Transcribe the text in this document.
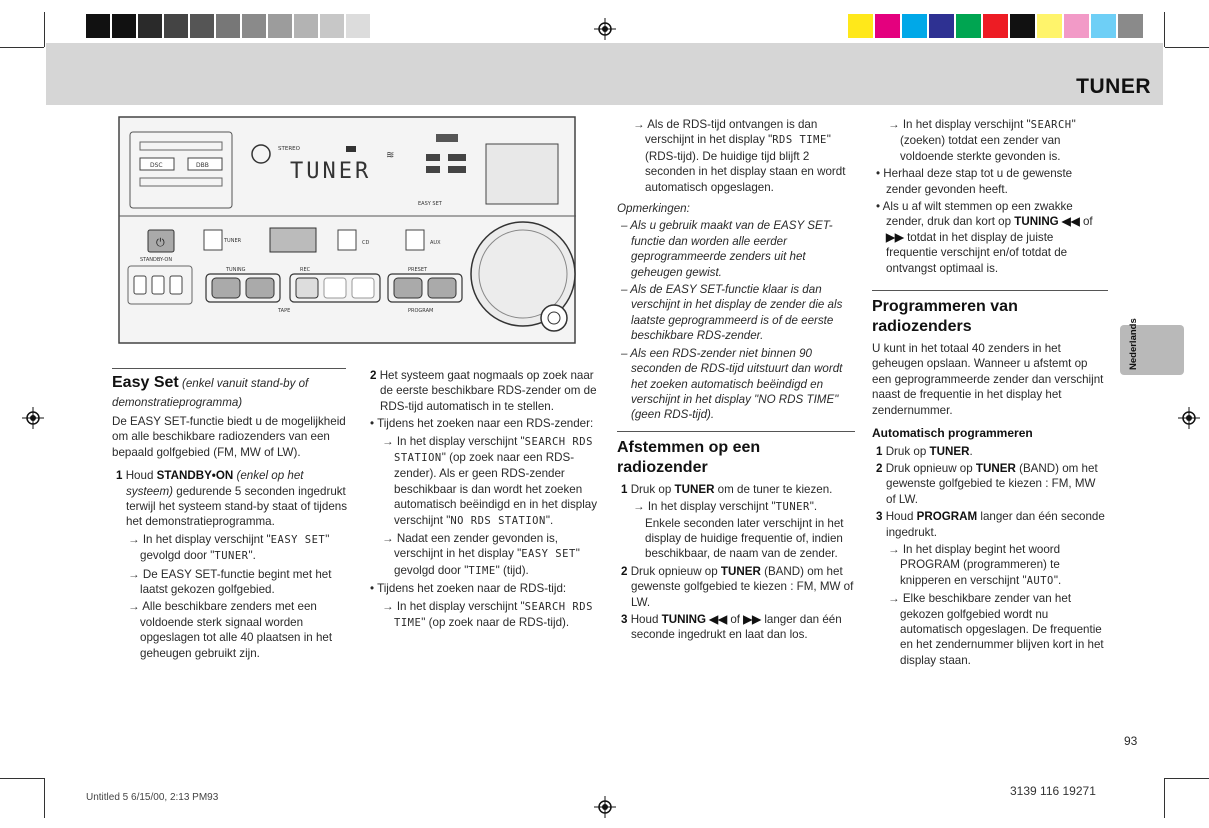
TUNER
Nederlands
DSC	DBB
STEREO
TUNER
≋
EASY SET
⏻
STANDBY-ON
TUNER	CD	AUX
TUNING	REC	PRESET
TAPE	PROGRAM

Easy Set (enkel vanuit stand-by of demonstratieprogramma)

De EASY SET-functie biedt u de mogelijkheid om alle beschikbare radiozenders van een bepaald golfgebied (FM, MW of LW).

1 Houd STANDBY•ON (enkel op het systeem) gedurende 5 seconden ingedrukt terwijl het systeem stand-by staat of tijdens het demonstratieprogramma.

→ In het display verschijnt "EASY SET" gevolgd door "TUNER".

→ De EASY SET-functie begint met het laatst gekozen golfgebied.

→ Alle beschikbare zenders met een voldoende sterk signaal worden opgeslagen tot alle 40 plaatsen in het geheugen gebruikt zijn.

2 Het systeem gaat nogmaals op zoek naar de eerste beschikbare RDS-zender om de RDS-tijd automatisch in te stellen.

• Tijdens het zoeken naar een RDS-zender:

→ In het display verschijnt "SEARCH RDS STATION" (op zoek naar een RDS-zender). Als er geen RDS-zender beschikbaar is dan wordt het zoeken automatisch beëindigd en in het display verschijnt "NO RDS STATION".

→ Nadat een zender gevonden is, verschijnt in het display "EASY SET" gevolgd door "TIME" (tijd).

• Tijdens het zoeken naar de RDS-tijd:

→ In het display verschijnt "SEARCH RDS TIME" (op zoek naar de RDS-tijd).

→ Als de RDS-tijd ontvangen is dan verschijnt in het display "RDS TIME" (RDS-tijd). De huidige tijd blijft 2 seconden in het display staan en wordt automatisch opgeslagen.

Opmerkingen:

– Als u gebruik maakt van de EASY SET-functie dan worden alle eerder geprogrammeerde zenders uit het geheugen gewist.

– Als de EASY SET-functie klaar is dan verschijnt in het display de zender die als laatste geprogrammeerd is of de eerste beschikbare RDS-zender.

– Als een RDS-zender niet binnen 90 seconden de RDS-tijd uitstuurt dan wordt het zoeken automatisch beëindigd en verschijnt in het display "NO RDS TIME" (geen RDS-tijd).

Afstemmen op een radiozender

1 Druk op TUNER om de tuner te kiezen.

→ In het display verschijnt "TUNER". Enkele seconden later verschijnt in het display de huidige frequentie of, indien beschikbaar, de naam van de zender.

2 Druk opnieuw op TUNER (BAND) om het gewenste golfgebied te kiezen : FM, MW of LW.

3 Houd TUNING ◀◀ of ▶▶ langer dan één seconde ingedrukt en laat dan los.

→ In het display verschijnt "SEARCH" (zoeken) totdat een zender van voldoende sterkte gevonden is.

• Herhaal deze stap tot u de gewenste zender gevonden heeft.

• Als u af wilt stemmen op een zwakke zender, druk dan kort op TUNING ◀◀ of ▶▶ totdat in het display de juiste frequentie verschijnt en/of totdat de ontvangst optimaal is.

Programmeren van radiozenders

U kunt in het totaal 40 zenders in het geheugen opslaan. Wanneer u afstemt op een geprogrammeerde zender dan verschijnt naast de frequentie in het display het zendernummer.

Automatisch programmeren

1 Druk op TUNER.

2 Druk opnieuw op TUNER (BAND) om het gewenste golfgebied te kiezen : FM, MW of LW.

3 Houd PROGRAM langer dan één seconde ingedrukt.

→ In het display begint het woord PROGRAM (programmeren) te knipperen en verschijnt "AUTO".

→ Elke beschikbare zender van het gekozen golfgebied wordt nu automatisch opgeslagen. De frequentie en het zendernummer blijven kort in het display staan.

93
Untitled 5 6/15/00, 2:13 PM93	3139 116 19271
